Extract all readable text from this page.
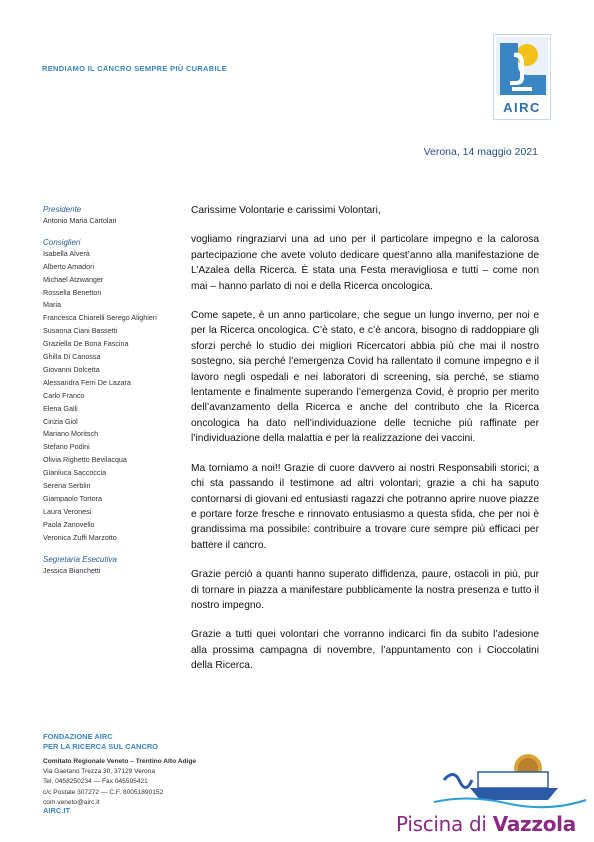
RENDIAMO IL CANCRO SEMPRE PIÙ CURABILE
AIRC
Verona, 14 maggio 2021
Presidente
Antonio Maria Cartolari
Consiglieri
Isabella Alverà
Alberto Amadori
Michael Atzwanger
Rossella Benetton
Maria
Francesca Chiarelli Serego Alighieri
Susanna Ciani Bassetti
Graziella De Bona Fascina
Ghilla Di Canossa
Giovanni Dolcetta
Alessandra Ferri De Lazara
Carlo Franco
Elena Galli
Cinzia Giol
Mariano Moritsch
Stefano Podini
Olivia Righetto Bevilacqua
Gianluca Saccoccia
Serena Serblin
Giampaolo Tortora
Laura Veronesi
Paola Zanovello
Veronica Zuffi Marzotto
Segretaria Esecutiva
Jessica Bianchetti

Carissime Volontarie e carissimi Volontari,

vogliamo ringraziarvi una ad uno per il particolare impegno e la calorosa partecipazione che avete voluto dedicare quest’anno alla manifestazione de L’Azalea della Ricerca. È stata una Festa meravigliosa e tutti – come non mai – hanno parlato di noi e della Ricerca oncologica.

Come sapete, è un anno particolare, che segue un lungo inverno, per noi e per la Ricerca oncologica. C’è stato, e c’è ancora, bisogno di raddoppiare gli sforzi perché lo studio dei migliori Ricercatori abbia più che mai il nostro sostegno, sia perché l’emergenza Covid ha rallentato il comune impegno e il lavoro negli ospedali e nei laboratori di screening, sia perché, se stiamo lentamente e finalmente superando l’emergenza Covid, è proprio per merito dell’avanzamento della Ricerca e anche del contributo che la Ricerca oncologica ha dato nell’individuazione delle tecniche più raffinate per l’individuazione della malattia e per la realizzazione dei vaccini.

Ma torniamo a noi!! Grazie di cuore davvero ai nostri Responsabili storici; a chi sta passando il testimone ad altri volontari; grazie a chi ha saputo contornarsi di giovani ed entusiasti ragazzi che potranno aprire nuove piazze e portare forze fresche e rinnovato entusiasmo a questa sfida, che per noi è grandissima ma possibile: contribuire a trovare cure sempre più efficaci per battere il cancro.

Grazie perciò a quanti hanno superato diffidenza, paure, ostacoli in più, pur di tornare in piazza a manifestare pubblicamente la nostra presenza e tutto il nostro impegno.

Grazie a tutti quei volontari che vorranno indicarci fin da subito l’adesione alla prossima campagna di novembre, l’appuntamento con i Cioccolatini della Ricerca.

FONDAZIONE AIRC
PER LA RICERCA SUL CANCRO
Comitato Regionale Veneto – Trentino Alto Adige
Via Gaetano Trezza 30, 37129 Verona
Tel. 0458250234 — Fax 045595421
c/c Postale 307272 — C.F. 80051890152
com.veneto@airc.it
AIRC.IT
Piscina di Vazzola
